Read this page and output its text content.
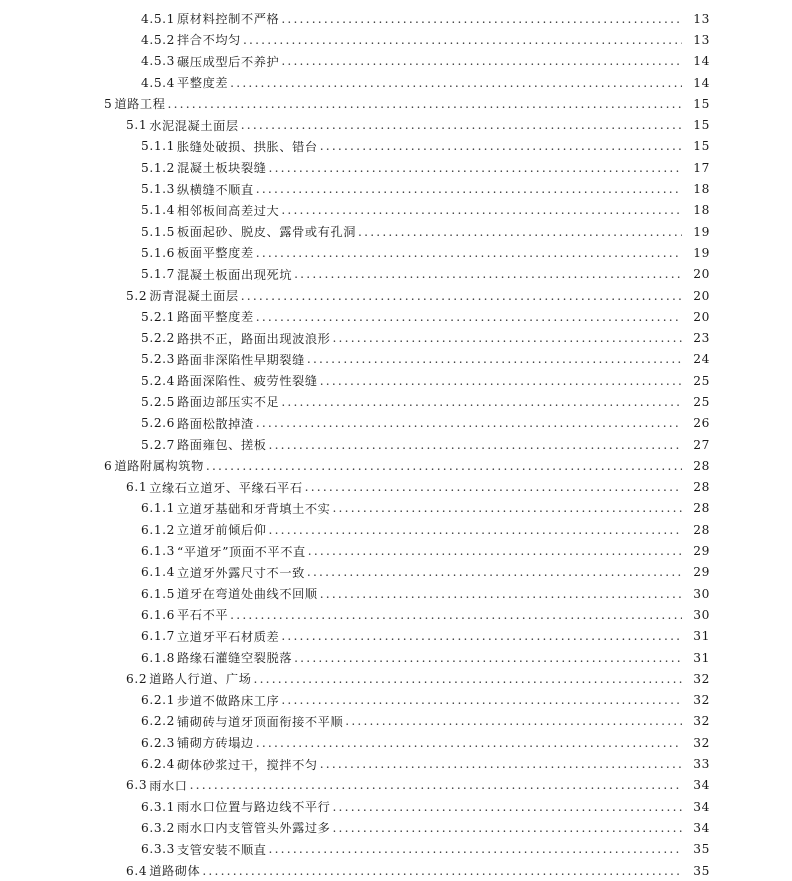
4.5.1 原材料控制不严格 .....	13
4.5.2 拌合不均匀 .....	13
4.5.3 碾压成型后不养护 .....	14
4.5.4 平整度差 .....	14
5 道路工程 .....	15
5.1 水泥混凝土面层 .....	15
5.1.1 胀缝处破损、拱胀、错台 .....	15
5.1.2 混凝土板块裂缝 .....	17
5.1.3 纵横缝不顺直 .....	18
5.1.4 相邻板间高差过大 .....	18
5.1.5 板面起砂、脱皮、露骨或有孔洞 .....	19
5.1.6 板面平整度差 .....	19
5.1.7 混凝土板面出现死坑 .....	20
5.2 沥青混凝土面层 .....	20
5.2.1 路面平整度差 .....	20
5.2.2 路拱不正，路面出现波浪形 .....	23
5.2.3 路面非深陷性早期裂缝 .....	24
5.2.4 路面深陷性、疲劳性裂缝 .....	25
5.2.5 路面边部压实不足 .....	25
5.2.6 路面松散掉渣 .....	26
5.2.7 路面雍包、搓板 .....	27
6 道路附属构筑物 .....	28
6.1 立缘石立道牙、平缘石平石 .....	28
6.1.1 立道牙基础和牙背填土不实 .....	28
6.1.2 立道牙前倾后仰 .....	28
6.1.3 “平道牙”顶面不平不直 .....	29
6.1.4 立道牙外露尺寸不一致 .....	29
6.1.5 道牙在弯道处曲线不回顺 .....	30
6.1.6 平石不平 .....	30
6.1.7 立道牙平石材质差 .....	31
6.1.8 路缘石灌缝空裂脱落 .....	31
6.2 道路人行道、广场 .....	32
6.2.1 步道不做路床工序 .....	32
6.2.2 铺砌砖与道牙顶面衔接不平顺 .....	32
6.2.3 铺砌方砖塌边 .....	32
6.2.4 砌体砂浆过干，搅拌不匀 .....	33
6.3 雨水口 .....	34
6.3.1 雨水口位置与路边线不平行 .....	34
6.3.2 雨水口内支管管头外露过多 .....	34
6.3.3 支管安装不顺直 .....	35
6.4 道路砌体 .....	35
